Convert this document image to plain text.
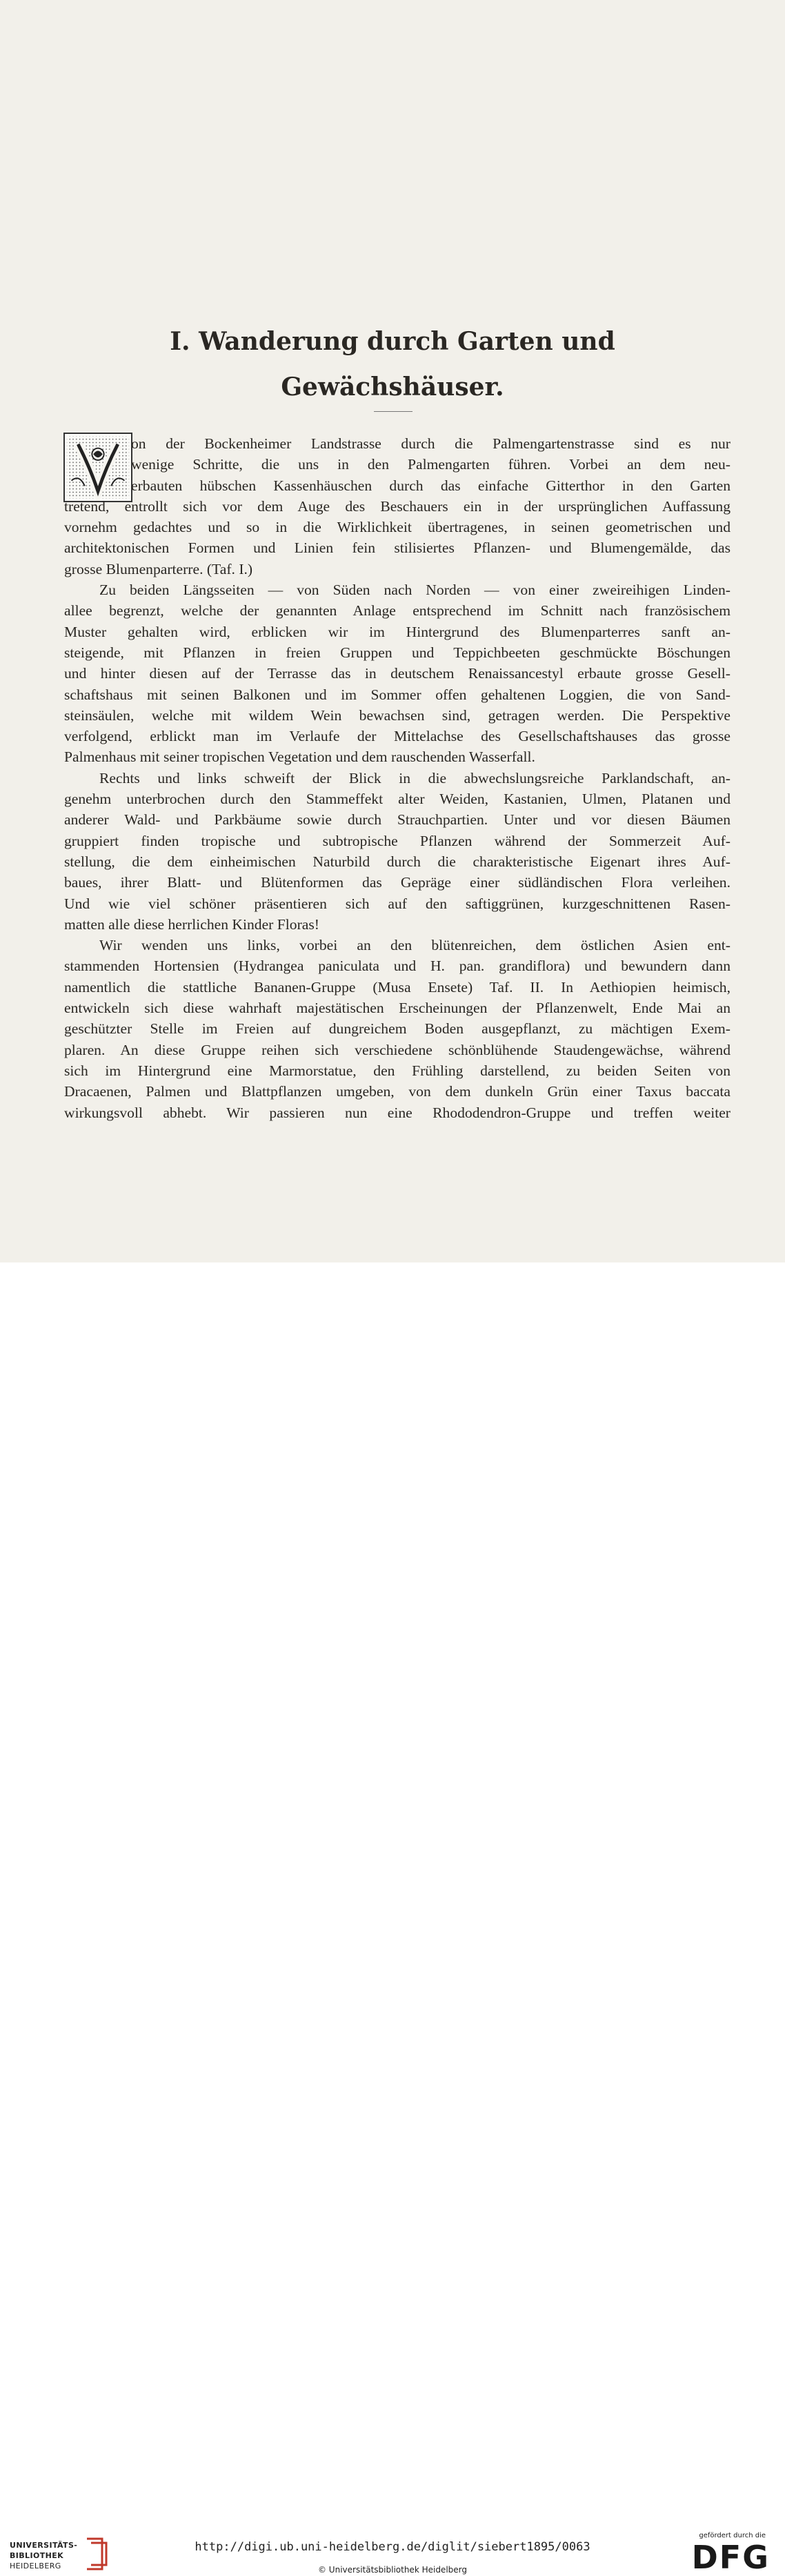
I. Wanderung durch Garten und
Gewächshäuser.
on der Bockenheimer Landstrasse durch die Palmengartenstrasse sind es nur
wenige Schritte, die uns in den Palmengarten führen. Vorbei an dem neu-
erbauten hübschen Kassenhäuschen durch das einfache Gitterthor in den Garten
tretend, entrollt sich vor dem Auge des Beschauers ein in der ursprünglichen Auffassung
vornehm gedachtes und so in die Wirklichkeit übertragenes, in seinen geometrischen und
architektonischen Formen und Linien fein stilisiertes Pflanzen- und Blumengemälde, das
grosse Blumenparterre. (Taf. I.)
Zu beiden Längsseiten — von Süden nach Norden — von einer zweireihigen Linden-
allee begrenzt, welche der genannten Anlage entsprechend im Schnitt nach französischem
Muster gehalten wird, erblicken wir im Hintergrund des Blumenparterres sanft an-
steigende, mit Pflanzen in freien Gruppen und Teppichbeeten geschmückte Böschungen
und hinter diesen auf der Terrasse das in deutschem Renaissancestyl erbaute grosse Gesell-
schaftshaus mit seinen Balkonen und im Sommer offen gehaltenen Loggien, die von Sand-
steinsäulen, welche mit wildem Wein bewachsen sind, getragen werden. Die Perspektive
verfolgend, erblickt man im Verlaufe der Mittelachse des Gesellschaftshauses das grosse
Palmenhaus mit seiner tropischen Vegetation und dem rauschenden Wasserfall.
Rechts und links schweift der Blick in die abwechslungsreiche Parklandschaft, an-
genehm unterbrochen durch den Stammeffekt alter Weiden, Kastanien, Ulmen, Platanen und
anderer Wald- und Parkbäume sowie durch Strauchpartien. Unter und vor diesen Bäumen
gruppiert finden tropische und subtropische Pflanzen während der Sommerzeit Auf-
stellung, die dem einheimischen Naturbild durch die charakteristische Eigenart ihres Auf-
baues, ihrer Blatt- und Blütenformen das Gepräge einer südländischen Flora verleihen.
Und wie viel schöner präsentieren sich auf den saftiggrünen, kurzgeschnittenen Rasen-
matten alle diese herrlichen Kinder Floras!
Wir wenden uns links, vorbei an den blütenreichen, dem östlichen Asien ent-
stammenden Hortensien (Hydrangea paniculata und H. pan. grandiflora) und bewundern dann
namentlich die stattliche Bananen-Gruppe (Musa Ensete) Taf. II. In Aethiopien heimisch,
entwickeln sich diese wahrhaft majestätischen Erscheinungen der Pflanzenwelt, Ende Mai an
geschützter Stelle im Freien auf dungreichem Boden ausgepflanzt, zu mächtigen Exem-
plaren. An diese Gruppe reihen sich verschiedene schönblühende Staudengewächse, während
sich im Hintergrund eine Marmorstatue, den Frühling darstellend, zu beiden Seiten von
Dracaenen, Palmen und Blattpflanzen umgeben, von dem dunkeln Grün einer Taxus baccata
wirkungsvoll abhebt. Wir passieren nun eine Rhododendron-Gruppe und treffen weiter
UNIVERSITÄTS-
BIBLIOTHEK
HEIDELBERG
http://digi.ub.uni-heidelberg.de/diglit/siebert1895/0063
© Universitätsbibliothek Heidelberg
gefördert durch die
DFG
